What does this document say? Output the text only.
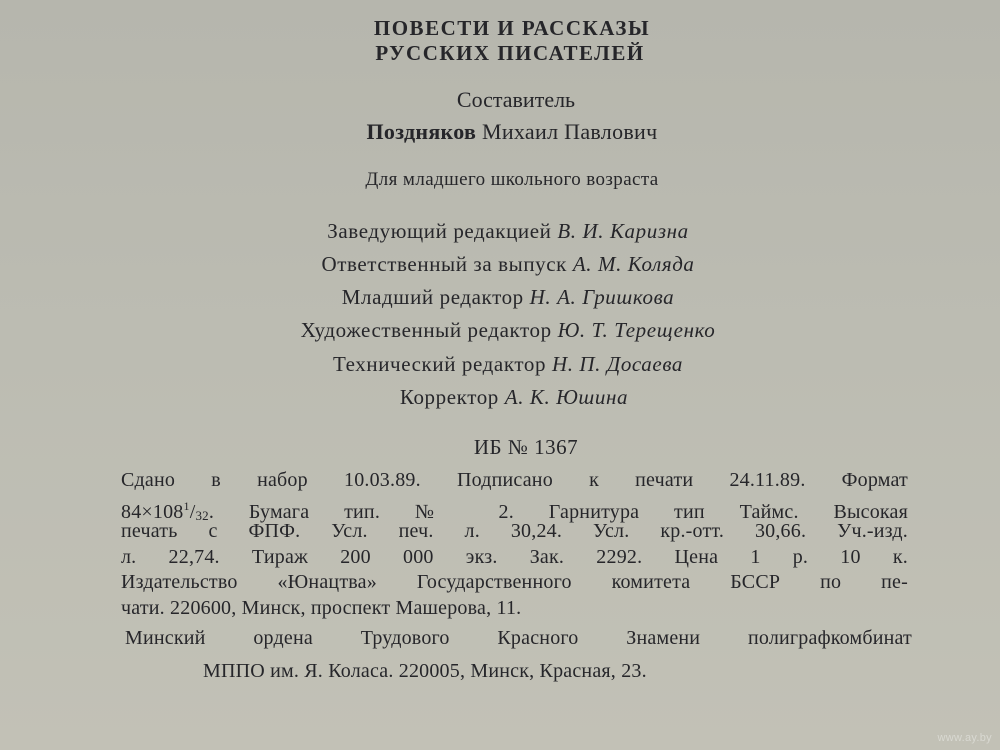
ПОВЕСТИ И РАССКАЗЫ
РУССКИХ ПИСАТЕЛЕЙ
Составитель
Поздняков Михаил Павлович
Для младшего школьного возраста
Заведующий редакцией В. И. Каризна
Ответственный за выпуск А. М. Коляда
Младший редактор Н. А. Гришкова
Художественный редактор Ю. Т. Терещенко
Технический редактор Н. П. Досаева
Корректор А. К. Юшина
ИБ № 1367
Сдано в набор 10.03.89. Подписано к печати 24.11.89. Формат
$84\times 108^1/_{32}$. Бумага тип. № 2. Гарнитура тип Таймс. Высокая
печать с ФПФ. Усл. печ. л. 30,24. Усл. кр.-отт. 30,66. Уч.-изд.
л. 22,74. Тираж 200 000 экз. Зак. 2292. Цена 1 р. 10 к.
Издательство «Юнацтва» Государственного комитета БССР по пе-
чати. 220600, Минск, проспект Машерова, 11.
Минский ордена Трудового Красного Знамени полиграфкомбинат
МППО им. Я. Коласа. 220005, Минск, Красная, 23.
www.ay.by
